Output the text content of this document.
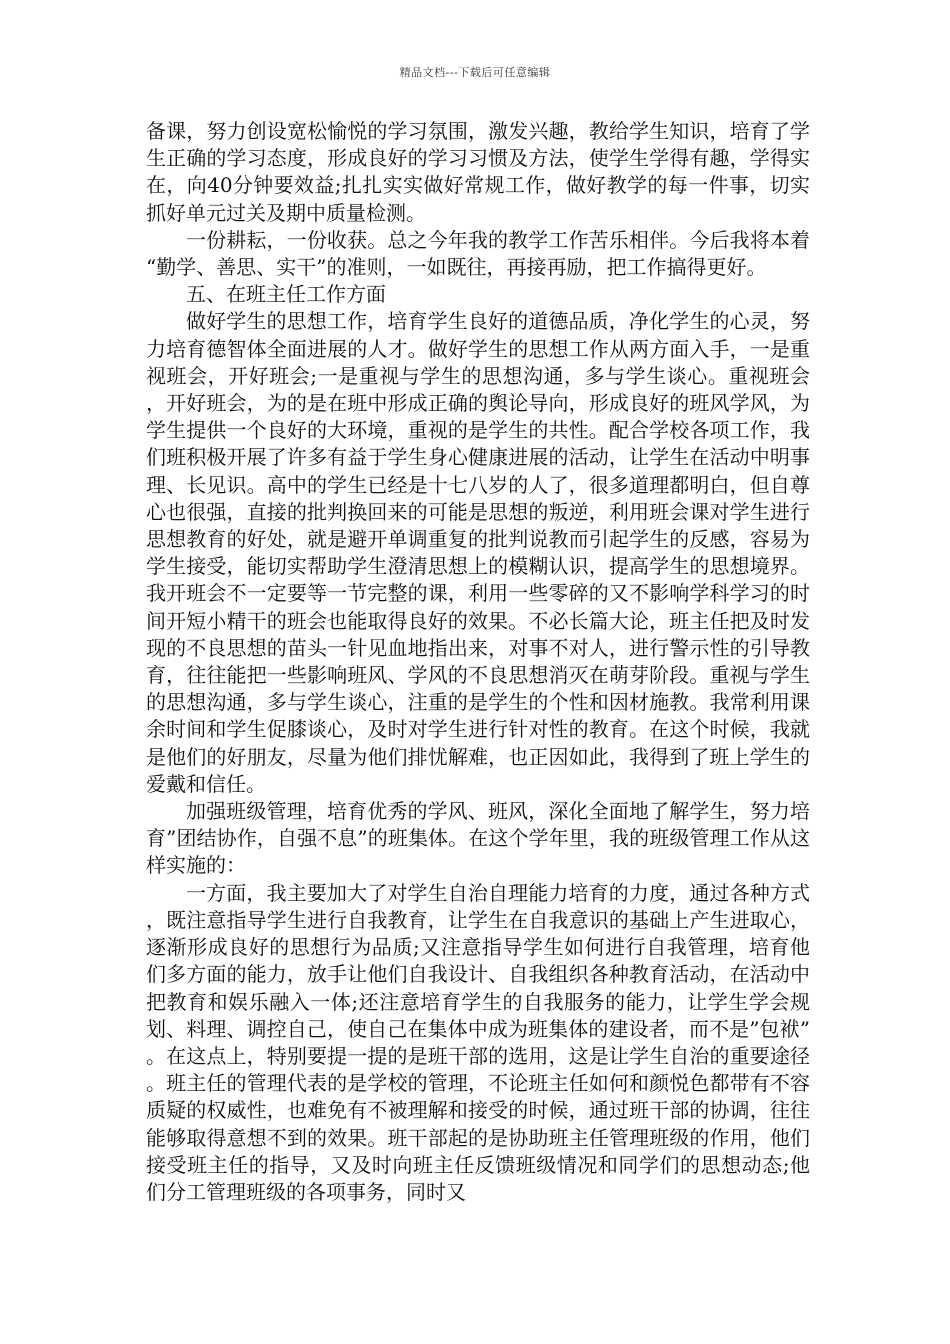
精品文档---下载后可任意编辑

备课，努力创设宽松愉悦的学习氛围，激发兴趣，教给学生知识，培育了学生正确的学习态度，形成良好的学习习惯及方法，使学生学得有趣，学得实在，向40分钟要效益;扎扎实实做好常规工作，做好教学的每一件事，切实抓好单元过关及期中质量检测。

一份耕耘，一份收获。总之今年我的教学工作苦乐相伴。今后我将本着“勤学、善思、实干”的准则，一如既往，再接再励，把工作搞得更好。

五、在班主任工作方面

做好学生的思想工作，培育学生良好的道德品质，净化学生的心灵，努力培育德智体全面进展的人才。做好学生的思想工作从两方面入手，一是重视班会，开好班会;一是重视与学生的思想沟通，多与学生谈心。重视班会，开好班会，为的是在班中形成正确的舆论导向，形成良好的班风学风，为学生提供一个良好的大环境，重视的是学生的共性。配合学校各项工作，我们班积极开展了许多有益于学生身心健康进展的活动，让学生在活动中明事理、长见识。高中的学生已经是十七八岁的人了，很多道理都明白，但自尊心也很强，直接的批判换回来的可能是思想的叛逆，利用班会课对学生进行思想教育的好处，就是避开单调重复的批判说教而引起学生的反感，容易为学生接受，能切实帮助学生澄清思想上的模糊认识，提高学生的思想境界。我开班会不一定要等一节完整的课，利用一些零碎的又不影响学科学习的时间开短小精干的班会也能取得良好的效果。不必长篇大论，班主任把及时发现的不良思想的苗头一针见血地指出来，对事不对人，进行警示性的引导教育，往往能把一些影响班风、学风的不良思想消灭在萌芽阶段。重视与学生的思想沟通，多与学生谈心，注重的是学生的个性和因材施教。我常利用课余时间和学生促膝谈心，及时对学生进行针对性的教育。在这个时候，我就是他们的好朋友，尽量为他们排忧解难，也正因如此，我得到了班上学生的爱戴和信任。

加强班级管理，培育优秀的学风、班风，深化全面地了解学生，努力培育”团结协作，自强不息”的班集体。在这个学年里，我的班级管理工作从这样实施的：

一方面，我主要加大了对学生自治自理能力培育的力度，通过各种方式，既注意指导学生进行自我教育，让学生在自我意识的基础上产生进取心，逐渐形成良好的思想行为品质;又注意指导学生如何进行自我管理，培育他们多方面的能力，放手让他们自我设计、自我组织各种教育活动，在活动中把教育和娱乐融入一体;还注意培育学生的自我服务的能力，让学生学会规划、料理、调控自己，使自己在集体中成为班集体的建设者，而不是”包袱”。在这点上，特别要提一提的是班干部的选用，这是让学生自治的重要途径。班主任的管理代表的是学校的管理，不论班主任如何和颜悦色都带有不容质疑的权威性，也难免有不被理解和接受的时候，通过班干部的协调，往往能够取得意想不到的效果。班干部起的是协助班主任管理班级的作用，他们接受班主任的指导，又及时向班主任反馈班级情况和同学们的思想动态;他们分工管理班级的各项事务，同时又
